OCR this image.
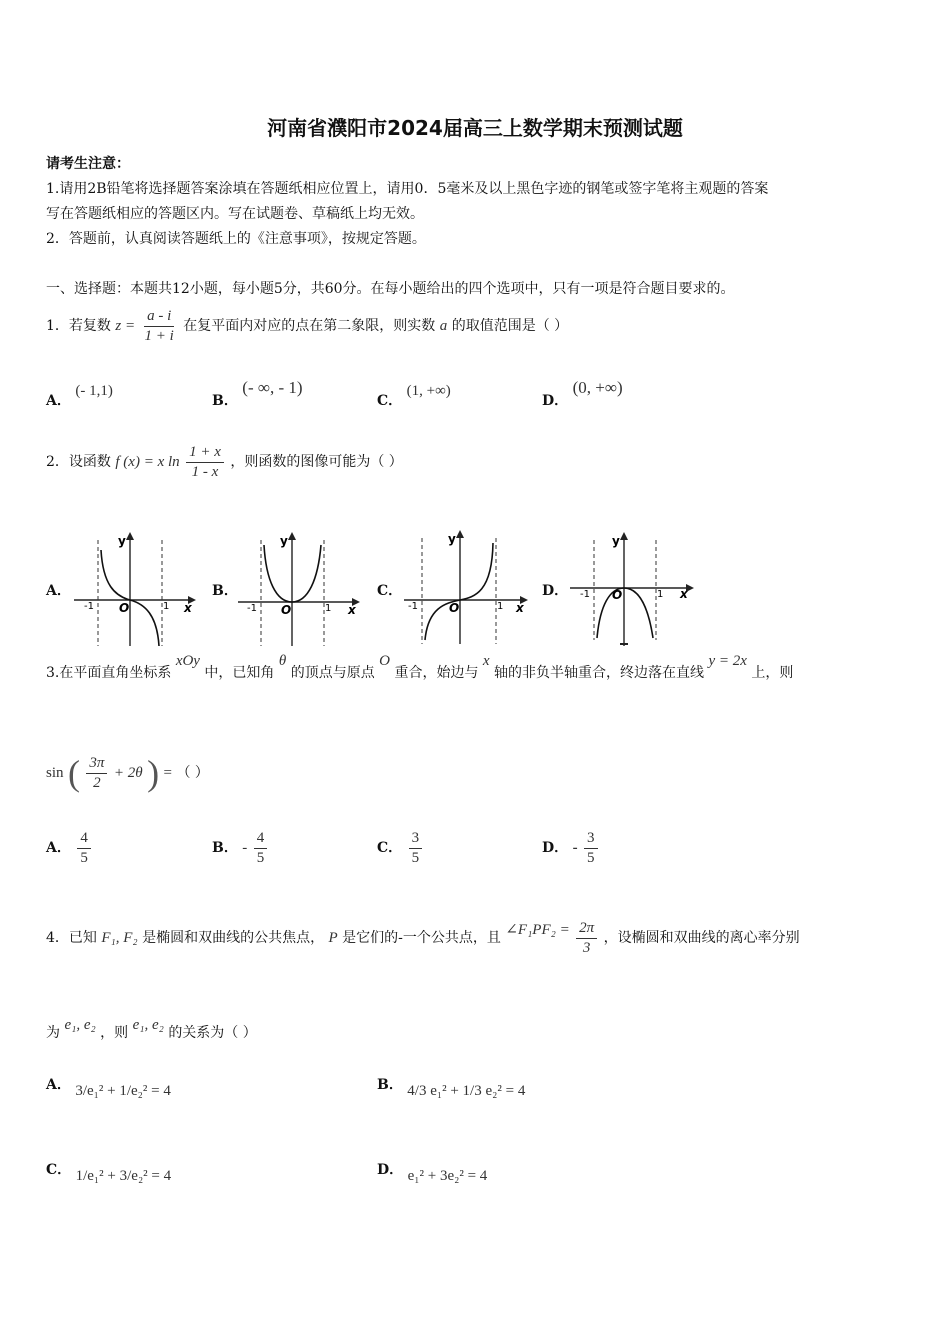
河南省濮阳市2024届高三上数学期末预测试题
请考生注意：
1.请用2B铅笔将选择题答案涂填在答题纸相应位置上，请用0．5毫米及以上黑色字迹的钢笔或签字笔将主观题的答案
写在答题纸相应的答题区内。写在试题卷、草稿纸上均无效。
2．答题前，认真阅读答题纸上的《注意事项》，按规定答题。
一、选择题：本题共12小题，每小题5分，共60分。在每小题给出的四个选项中，只有一项是符合题目要求的。
1．若复数 $z = \frac{a - i}{1 + i}$ 在复平面内对应的点在第二象限，则实数 a 的取值范围是（ ）
A． (- 1,1)
B． (- ∞, - 1)
C． (1, +∞)
D． (0, +∞)
2．设函数 f (x) = x $\ln \frac{1 + x}{1 - x}$ ，则函数的图像可能为（ ）
A．
y
x
O
-1	1
B．
y
x
O
-1	1
C．
y
x
O
-1	1
D．
y
x
O
-1	1
3.在平面直角坐标系 xOy 中，已知角 θ 的顶点与原点 O 重合，始边与 x 轴的非负半轴重合，终边落在直线 y = 2x 上，则
sin ( $\frac{3\pi}{2} + 2\theta$ ) = （ ）
A． $\frac{4}{5}$	B． - $\frac{4}{5}$	C． $\frac{3}{5}$	D． - $\frac{3}{5}$
4．已知 F₁, F₂ 是椭圆和双曲线的公共焦点， P 是它们的-一个公共点，且 ∠F₁PF₂ = $\frac{2\pi}{3}$ ，设椭圆和双曲线的离心率分别
为 e₁, e₂ ，则 e₁, e₂ 的关系为（ ）
A． 3/e₁² + 1/e₂² = 4	B． 4/3 e₁² + 1/3 e₂² = 4
C． 1/e₁² + 3/e₂² = 4	D． e₁² + 3e₂² = 4
